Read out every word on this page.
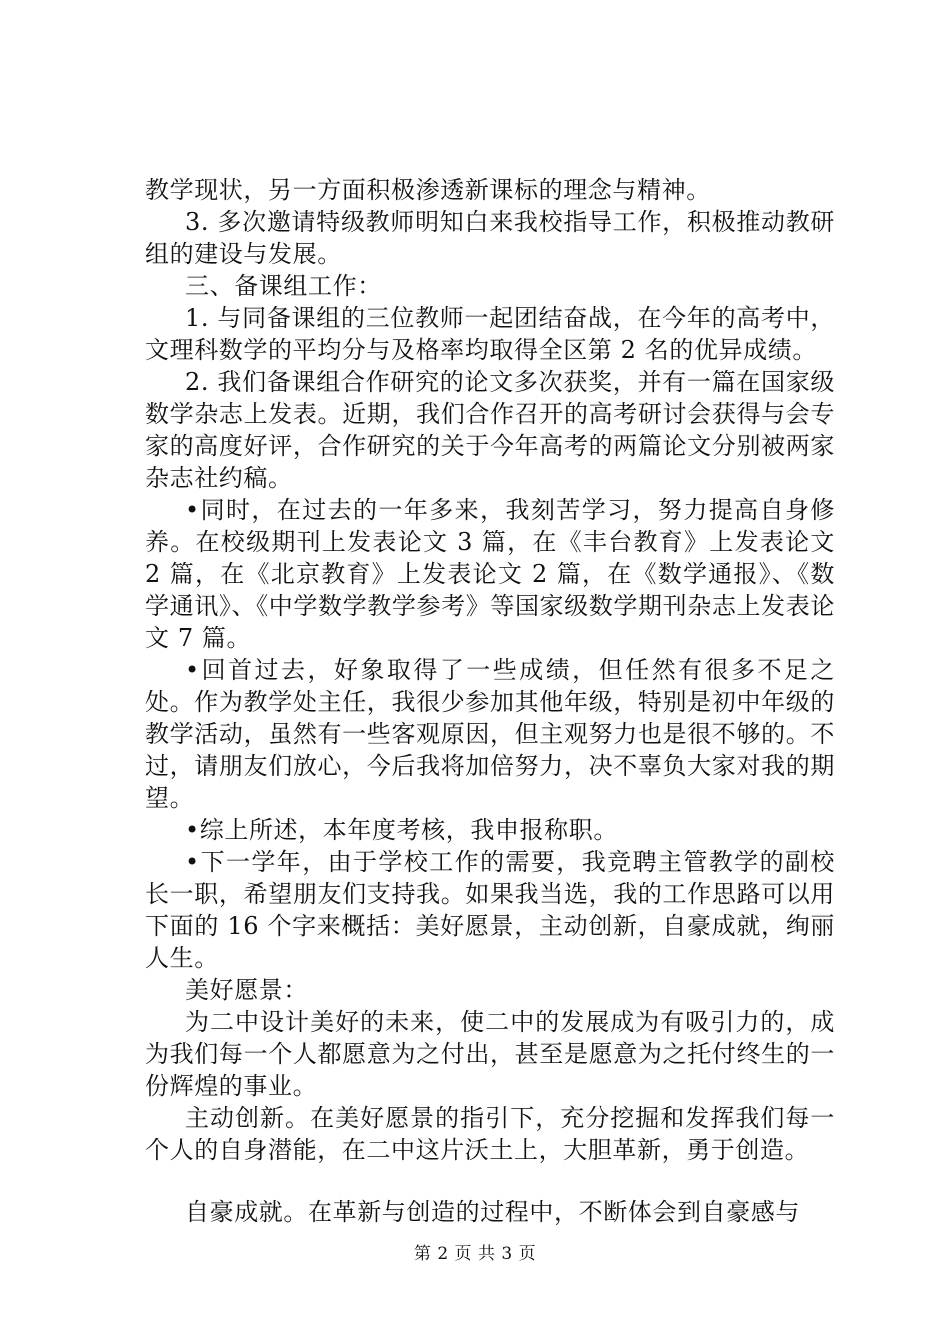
教学现状，另一方面积极渗透新课标的理念与精神。

3. 多次邀请特级教师明知白来我校指导工作，积极推动教研组的建设与发展。

三、备课组工作：

1. 与同备课组的三位教师一起团结奋战，在今年的高考中，文理科数学的平均分与及格率均取得全区第 2 名的优异成绩。

2. 我们备课组合作研究的论文多次获奖，并有一篇在国家级数学杂志上发表。近期，我们合作召开的高考研讨会获得与会专家的高度好评，合作研究的关于今年高考的两篇论文分别被两家杂志社约稿。

•同时，在过去的一年多来，我刻苦学习，努力提高自身修养。在校级期刊上发表论文 3 篇，在《丰台教育》上发表论文 2 篇，在《北京教育》上发表论文 2 篇，在《数学通报》、《数学通讯》、《中学数学教学参考》等国家级数学期刊杂志上发表论文 7 篇。

•回首过去，好象取得了一些成绩，但任然有很多不足之处。作为教学处主任，我很少参加其他年级，特别是初中年级的教学活动，虽然有一些客观原因，但主观努力也是很不够的。不过，请朋友们放心，今后我将加倍努力，决不辜负大家对我的期望。

•综上所述，本年度考核，我申报称职。

•下一学年，由于学校工作的需要，我竞聘主管教学的副校长一职，希望朋友们支持我。如果我当选，我的工作思路可以用下面的 16 个字来概括：美好愿景，主动创新，自豪成就，绚丽人生。

美好愿景：

为二中设计美好的未来，使二中的发展成为有吸引力的，成为我们每一个人都愿意为之付出，甚至是愿意为之托付终生的一份辉煌的事业。

主动创新。在美好愿景的指引下，充分挖掘和发挥我们每一个人的自身潜能，在二中这片沃土上，大胆革新，勇于创造。

自豪成就。在革新与创造的过程中，不断体会到自豪感与

第 2 页 共 3 页
